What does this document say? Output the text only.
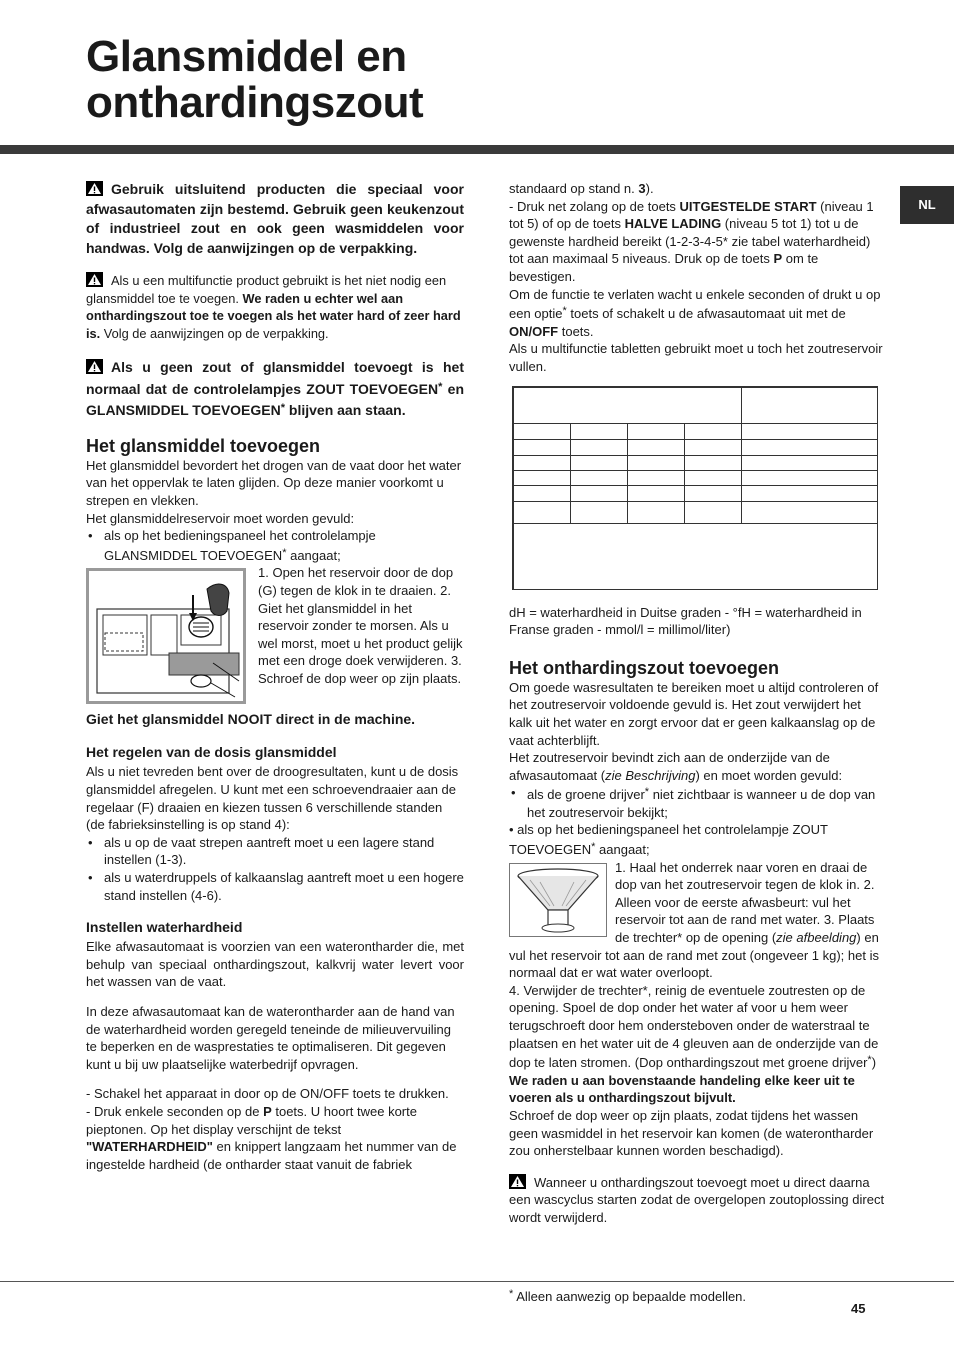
Glansmiddel en
onthardingszout
NL

Gebruik uitsluitend producten die speciaal voor afwasautomaten zijn bestemd. Gebruik geen keukenzout of industrieel zout en ook geen wasmiddelen voor handwas. Volg de aanwijzingen op de verpakking.

Als u een multifunctie product gebruikt is het niet nodig een glansmiddel toe te voegen. We raden u echter wel aan onthardingszout toe te voegen als het water hard of zeer hard is. Volg de aanwijzingen op de verpakking.

Als u geen zout of glansmiddel toevoegt is het normaal dat de controlelampjes ZOUT TOEVOEGEN* en GLANSMIDDEL TOEVOEGEN* blijven aan staan.

Het glansmiddel toevoegen

Het glansmiddel bevordert het drogen van de vaat door het water van het oppervlak te laten glijden. Op deze manier voorkomt u strepen en vlekken.

Het glansmiddelreservoir moet worden gevuld:

• als op het bedieningspaneel het controlelampje GLANSMIDDEL TOEVOEGEN* aangaat;

1. Open het reservoir door de dop (G) tegen de klok in te draaien. 2. Giet het glansmiddel in het reservoir zonder te morsen. Als u wel morst, moet u het product gelijk met een droge doek verwijderen. 3. Schroef de dop weer op zijn plaats.

Giet het glansmiddel NOOIT direct in de machine.

Het regelen van de dosis glansmiddel

Als u niet tevreden bent over de droogresultaten, kunt u de dosis glansmiddel afregelen. U kunt met een schroevendraaier aan de regelaar (F) draaien en kiezen tussen 6 verschillende standen (de fabrieksinstelling is op stand 4):

• als u op de vaat strepen aantreft moet u een lagere stand instellen (1-3).

• als u waterdruppels of kalkaanslag aantreft moet u een hogere stand instellen (4-6).

Instellen waterhardheid

Elke afwasautomaat is voorzien van een waterontharder die, met behulp van speciaal onthardingszout, kalkvrij water levert voor het wassen van de vaat.

In deze afwasautomaat kan de waterontharder aan de hand van de waterhardheid worden geregeld teneinde de milieuvervuiling te beperken en de wasprestaties te optimaliseren. Dit gegeven kunt u bij uw plaatselijke waterbedrijf opvragen.

- Schakel het apparaat in door op de ON/OFF toets te drukken.

- Druk enkele seconden op de P toets. U hoort twee korte pieptonen. Op het display verschijnt de tekst "WATERHARDHEID" en knippert langzaam het nummer van de ingestelde hardheid (de ontharder staat vanuit de fabriek

standaard op stand n. 3).

- Druk net zolang op de toets UITGESTELDE START (niveau 1 tot 5) of op de toets HALVE LADING (niveau 5 tot 1) tot u de gewenste hardheid bereikt (1-2-3-4-5* zie tabel waterhardheid) tot aan maximaal 5 niveaus. Druk op de toets P om te bevestigen.

Om de functie te verlaten wacht u enkele seconden of drukt u op een optie* toets of schakelt u de afwasautomaat uit met de ON/OFF toets.

Als u multifunctie tabletten gebruikt moet u toch het zoutreservoir vullen.

dH = waterhardheid in Duitse graden - °fH = waterhardheid in Franse graden - mmol/l = millimol/liter)

Het onthardingszout toevoegen

Om goede wasresultaten te bereiken moet u altijd controleren of het zoutreservoir voldoende gevuld is. Het zout verwijdert het kalk uit het water en zorgt ervoor dat er geen kalkaanslag op de vaat achterblijft.

Het zoutreservoir bevindt zich aan de onderzijde van de afwasautomaat (zie Beschrijving) en moet worden gevuld:

• als de groene drijver* niet zichtbaar is wanneer u de dop van het zoutreservoir bekijkt;

• als op het bedieningspaneel het controlelampje ZOUT TOEVOEGEN* aangaat;

1. Haal het onderrek naar voren en draai de dop van het zoutreservoir tegen de klok in. 2. Alleen voor de eerste afwasbeurt: vul het reservoir tot aan de rand met water. 3. Plaats de trechter* op de opening (zie afbeelding) en vul het reservoir tot aan de rand met zout (ongeveer 1 kg); het is normaal dat er wat water overloopt.

4. Verwijder de trechter*, reinig de eventuele zoutresten op de opening. Spoel de dop onder het water af voor u hem weer terugschroeft door hem ondersteboven onder de waterstraal te plaatsen en het water uit de 4 gleuven aan de onderzijde van de dop te laten stromen. (Dop onthardingszout met groene drijver*)

We raden u aan bovenstaande handeling elke keer uit te voeren als u onthardingszout bijvult.

Schroef de dop weer op zijn plaats, zodat tijdens het wassen geen wasmiddel in het reservoir kan komen (de waterontharder zou onherstelbaar kunnen worden beschadigd).

Wanneer u onthardingszout toevoegt moet u direct daarna een wascyclus starten zodat de overgelopen zoutoplossing direct wordt verwijderd.

* Alleen aanwezig op bepaalde modellen.
45
